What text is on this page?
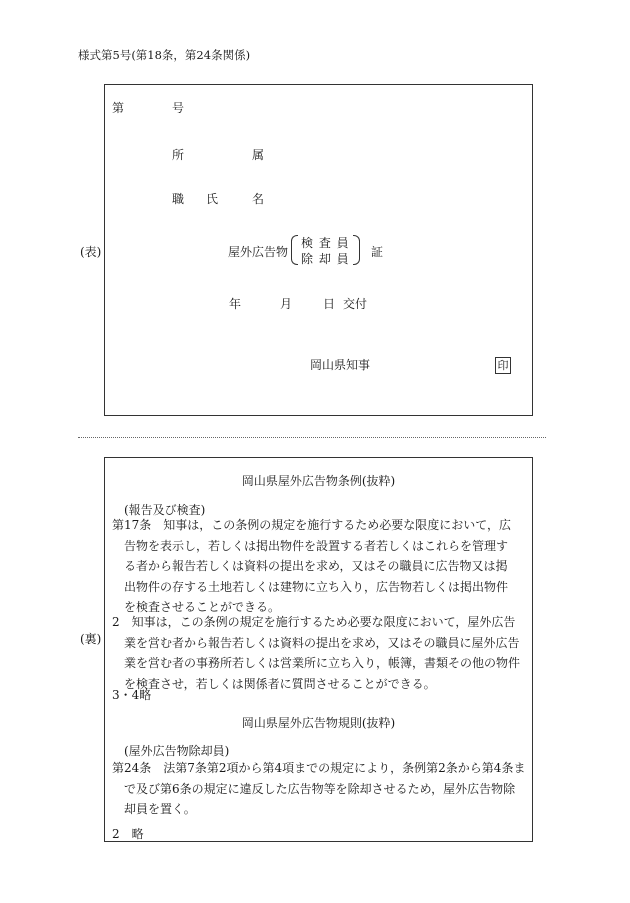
様式第5号(第18条，第24条関係)
(表)
第	号
所	属
職 氏	名
屋外広告物
検 査 員
除 却 員 証
年	月	日 交付
岡山県知事	印
(裏)
岡山県屋外広告物条例(抜粋)
(報告及び検査)
第17条　知事は，この条例の規定を施行するため必要な限度において，広告物を表示し，若しくは掲出物件を設置する者若しくはこれらを管理する者から報告若しくは資料の提出を求め，又はその職員に広告物又は掲出物件の存する土地若しくは建物に立ち入り，広告物若しくは掲出物件を検査させることができる。
2　知事は，この条例の規定を施行するため必要な限度において，屋外広告業を営む者から報告若しくは資料の提出を求め，又はその職員に屋外広告業を営む者の事務所若しくは営業所に立ち入り，帳簿，書類その他の物件を検査させ，若しくは関係者に質問させることができる。
3・4略
岡山県屋外広告物規則(抜粋)
(屋外広告物除却員)
第24条　法第7条第2項から第4項までの規定により，条例第2条から第4条まで及び第6条の規定に違反した広告物等を除却させるため，屋外広告物除却員を置く。
2　略
